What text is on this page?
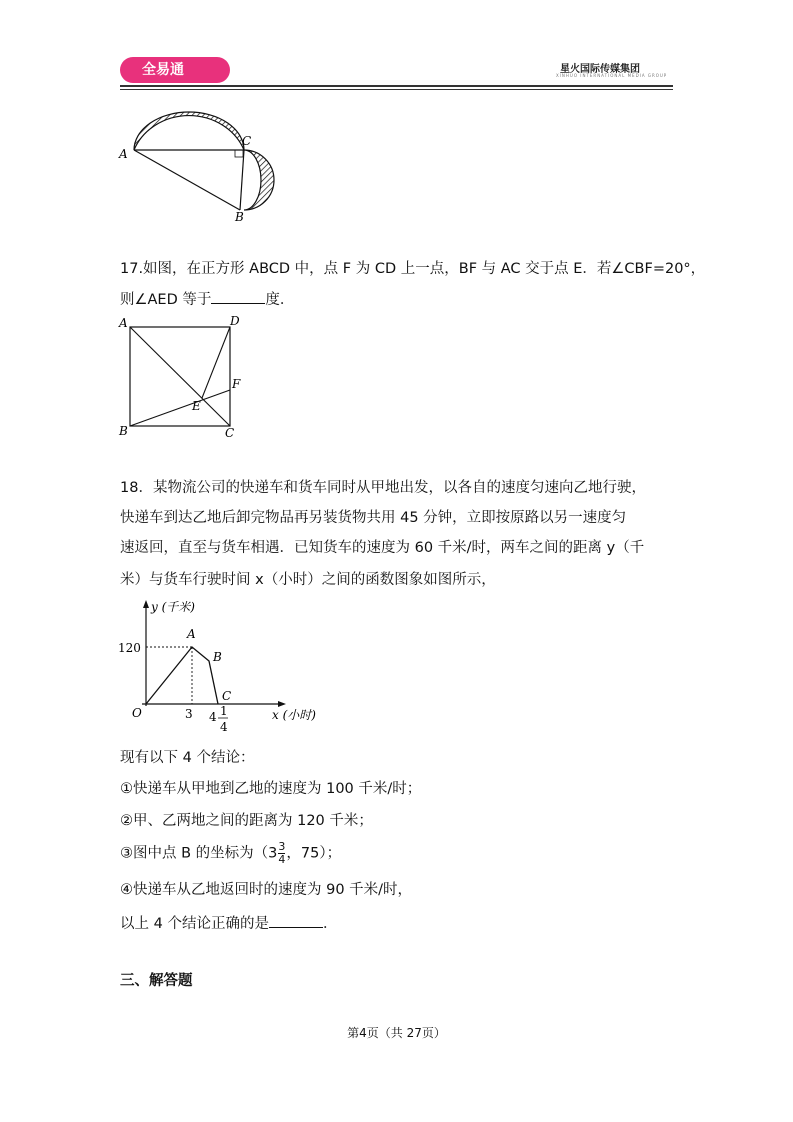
全易通	星火国际传媒集团
XINHUO INTERNATIONAL MEDIA GROUP
A
C
B
17.如图，在正方形 ABCD 中，点 F 为 CD 上一点，BF 与 AC 交于点 E．若∠CBF=20°，
则∠AED 等于	度．
A	D
F
E
B	C
18．某物流公司的快递车和货车同时从甲地出发，以各自的速度匀速向乙地行驶，
快递车到达乙地后卸完物品再另装货物共用 45 分钟，立即按原路以另一速度匀
速返回，直至与货车相遇．已知货车的速度为 60 千米/时，两车之间的距离 y（千
米）与货车行驶时间 x（小时）之间的函数图象如图所示，
y (千米)
x (小时)
O
120
3 4 1
4
A
B
C
现有以下 4 个结论：
①快递车从甲地到乙地的速度为 100 千米/时；
②甲、乙两地之间的距离为 120 千米；
③图中点 B 的坐标为（$3 \frac{3}{4}$ ，75）；
④快递车从乙地返回时的速度为 90 千米/时，
以上 4 个结论正确的是	．
三、解答题
第4页（共 27页）
